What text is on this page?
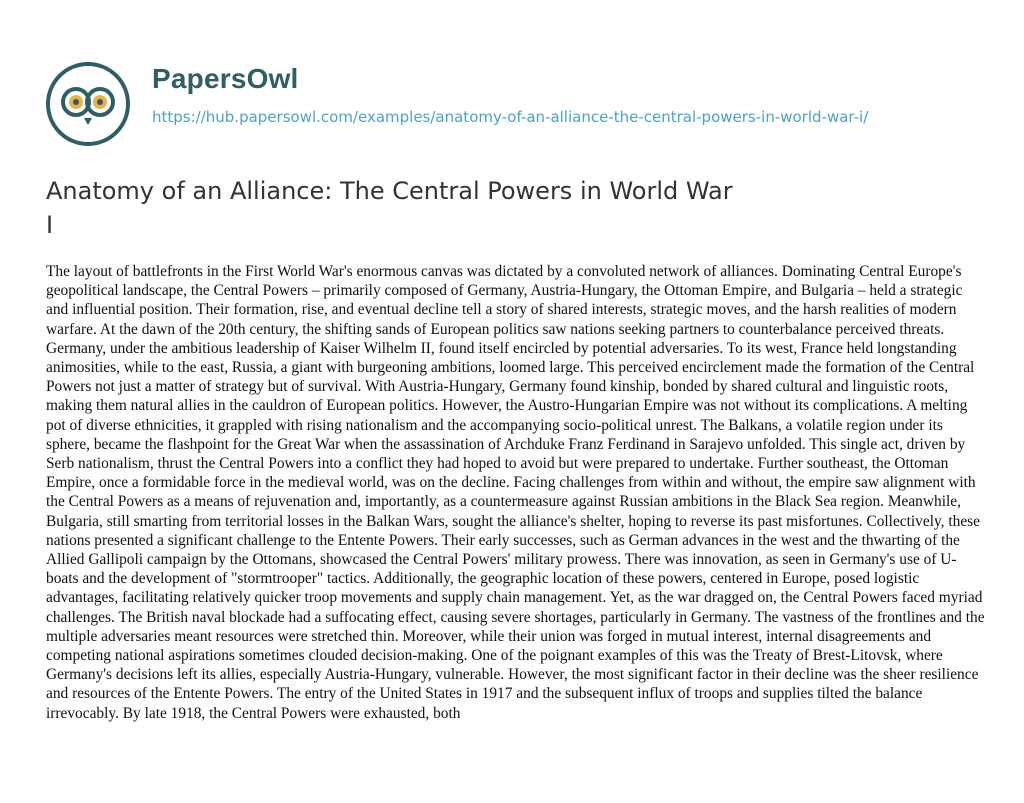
PapersOwl
https://hub.papersowl.com/examples/anatomy-of-an-alliance-the-central-powers-in-world-war-i/
Anatomy of an Alliance: The Central Powers in World War I

The layout of battlefronts in the First World War's enormous canvas was dictated by a convoluted network of alliances. Dominating Central Europe's geopolitical landscape, the Central Powers – primarily composed of Germany, Austria-Hungary, the Ottoman Empire, and Bulgaria – held a strategic and influential position. Their formation, rise, and eventual decline tell a story of shared interests, strategic moves, and the harsh realities of modern warfare. At the dawn of the 20th century, the shifting sands of European politics saw nations seeking partners to counterbalance perceived threats. Germany, under the ambitious leadership of Kaiser Wilhelm II, found itself encircled by potential adversaries. To its west, France held longstanding animosities, while to the east, Russia, a giant with burgeoning ambitions, loomed large. This perceived encirclement made the formation of the Central Powers not just a matter of strategy but of survival. With Austria-Hungary, Germany found kinship, bonded by shared cultural and linguistic roots, making them natural allies in the cauldron of European politics. However, the Austro-Hungarian Empire was not without its complications. A melting pot of diverse ethnicities, it grappled with rising nationalism and the accompanying socio-political unrest. The Balkans, a volatile region under its sphere, became the flashpoint for the Great War when the assassination of Archduke Franz Ferdinand in Sarajevo unfolded. This single act, driven by Serb nationalism, thrust the Central Powers into a conflict they had hoped to avoid but were prepared to undertake. Further southeast, the Ottoman Empire, once a formidable force in the medieval world, was on the decline. Facing challenges from within and without, the empire saw alignment with the Central Powers as a means of rejuvenation and, importantly, as a countermeasure against Russian ambitions in the Black Sea region. Meanwhile, Bulgaria, still smarting from territorial losses in the Balkan Wars, sought the alliance's shelter, hoping to reverse its past misfortunes. Collectively, these nations presented a significant challenge to the Entente Powers. Their early successes, such as German advances in the west and the thwarting of the Allied Gallipoli campaign by the Ottomans, showcased the Central Powers' military prowess. There was innovation, as seen in Germany's use of U-boats and the development of "stormtrooper" tactics. Additionally, the geographic location of these powers, centered in Europe, posed logistic advantages, facilitating relatively quicker troop movements and supply chain management. Yet, as the war dragged on, the Central Powers faced myriad challenges. The British naval blockade had a suffocating effect, causing severe shortages, particularly in Germany. The vastness of the frontlines and the multiple adversaries meant resources were stretched thin. Moreover, while their union was forged in mutual interest, internal disagreements and competing national aspirations sometimes clouded decision-making. One of the poignant examples of this was the Treaty of Brest-Litovsk, where Germany's decisions left its allies, especially Austria-Hungary, vulnerable. However, the most significant factor in their decline was the sheer resilience and resources of the Entente Powers. The entry of the United States in 1917 and the subsequent influx of troops and supplies tilted the balance irrevocably. By late 1918, the Central Powers were exhausted, both
